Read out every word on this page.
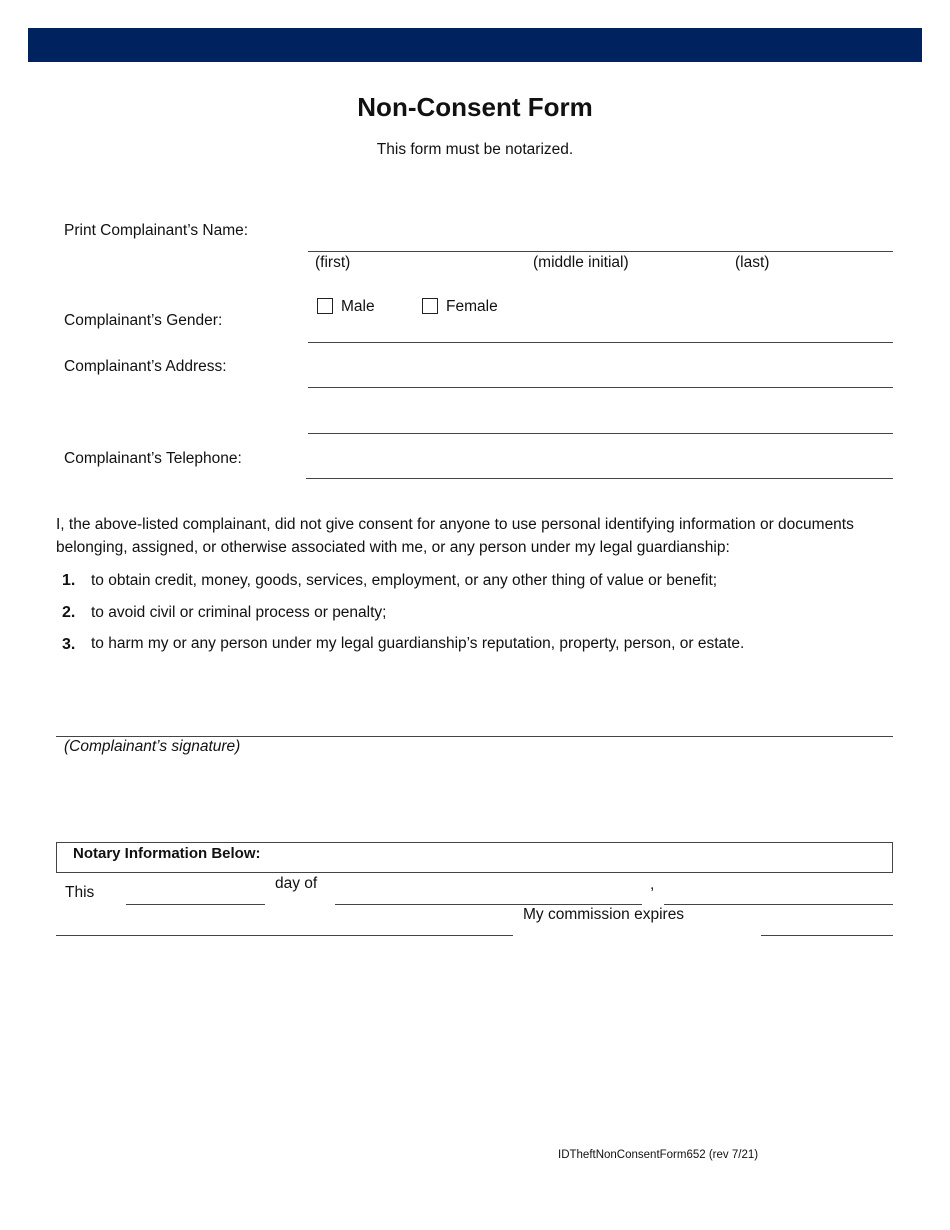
Non-Consent Form
This form must be notarized.
Print Complainant’s Name:
(first)	(middle initial)	(last)
Complainant’s Gender:
Male	Female
Complainant’s Address:
Complainant’s Telephone:
I, the above-listed complainant, did not give consent for anyone to use personal identifying information or documents belonging, assigned, or otherwise associated with me, or any person under my legal guardianship:
1. to obtain credit, money, goods, services, employment, or any other thing of value or benefit;
2. to avoid civil or criminal process or penalty;
3. to harm my or any person under my legal guardianship’s reputation, property, person, or estate.
(Complainant’s signature)
Notary Information Below:
This
day of	,
My commission expires
IDTheftNonConsentForm652 (rev 7/21)
